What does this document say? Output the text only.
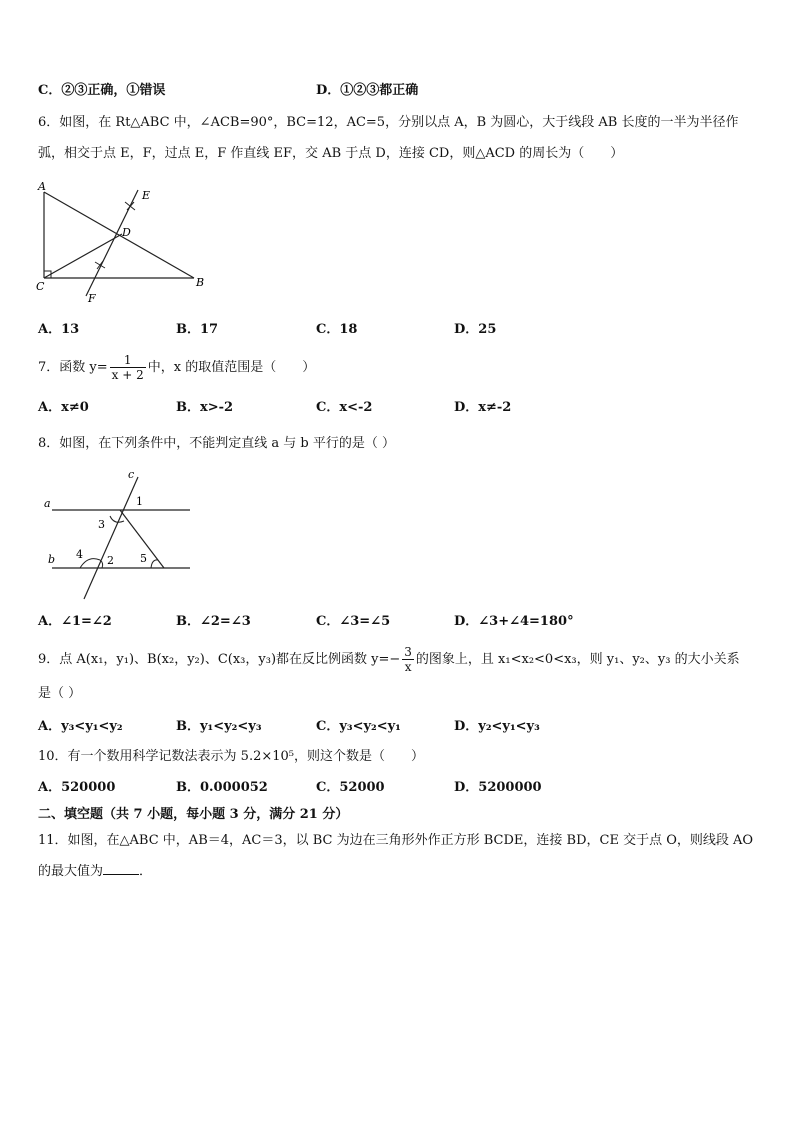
C．②③正确，①错误	D．①②③都正确
6．如图，在 Rt△ABC 中，∠ACB=90°，BC=12，AC=5，分别以点 A，B 为圆心，大于线段 AB 长度的一半为半径作
弧，相交于点 E，F，过点 E，F 作直线 EF，交 AB 于点 D，连接 CD，则△ACD 的周长为（　　）
A
B
C
D
E
F
A．13	B．17	C．18	D．25
7．函数 $y= \frac{1}{x + 2}$ 中，x 的取值范围是（　　）
A．x≠0	B．x>-2	C．x<-2	D．x≠-2
8．如图，在下列条件中，不能判定直线 a 与 b 平行的是（ ）
a
b
c
1
3
4 2 5
A．∠1=∠2	B．∠2=∠3	C．∠3=∠5	D．∠3+∠4=180°
9．点 A(x₁，y₁)、B(x₂，y₂)、C(x₃，y₃)都在反比例函数 $y=- \frac{3}{x}$ 的图象上，且 x₁<x₂<0<x₃，则 y₁、y₂、y₃ 的大小关系
是（ ）
A．y₃<y₁<y₂	B．y₁<y₂<y₃	C．y₃<y₂<y₁	D．y₂<y₁<y₃
10．有一个数用科学记数法表示为 5.2×10⁵，则这个数是（　　）
A．520000	B．0.000052	C．52000	D．5200000
二、填空题（共 7 小题，每小题 3 分，满分 21 分）
11．如图，在△ABC 中，AB＝4，AC＝3，以 BC 为边在三角形外作正方形 BCDE，连接 BD，CE 交于点 O，则线段 AO
的最大值为	．
